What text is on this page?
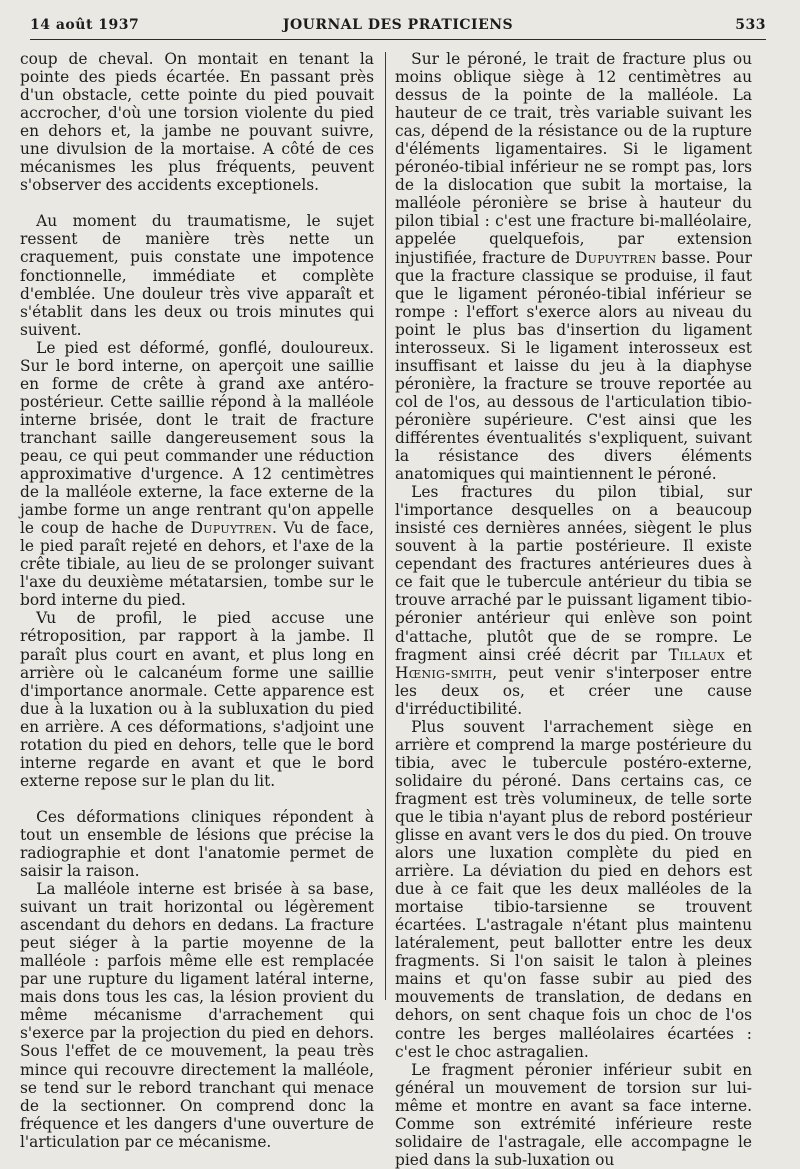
14 août 1937	JOURNAL DES PRATICIENS	533

coup de cheval. On montait en tenant la pointe des pieds écartée. En passant près d'un obstacle, cette pointe du pied pouvait accrocher, d'où une torsion violente du pied en dehors et, la jambe ne pouvant suivre, une divulsion de la mortaise. A côté de ces mécanismes les plus fréquents, peuvent s'observer des accidents exceptionels.

Au moment du traumatisme, le sujet ressent de manière très nette un craquement, puis constate une impotence fonctionnelle, immédiate et complète d'emblée. Une douleur très vive apparaît et s'établit dans les deux ou trois minutes qui suivent.

Le pied est déformé, gonflé, douloureux. Sur le bord interne, on aperçoit une saillie en forme de crête à grand axe antéro-postérieur. Cette saillie répond à la malléole interne brisée, dont le trait de fracture tranchant saille dangereusement sous la peau, ce qui peut commander une réduction approximative d'urgence. A 12 centimètres de la malléole externe, la face externe de la jambe forme un ange rentrant qu'on appelle le coup de hache de Dupuytren. Vu de face, le pied paraît rejeté en dehors, et l'axe de la crête tibiale, au lieu de se prolonger suivant l'axe du deuxième métatarsien, tombe sur le bord interne du pied.

Vu de profil, le pied accuse une rétroposition, par rapport à la jambe. Il paraît plus court en avant, et plus long en arrière où le calcanéum forme une saillie d'importance anormale. Cette apparence est due à la luxation ou à la subluxation du pied en arrière. A ces déformations, s'adjoint une rotation du pied en dehors, telle que le bord interne regarde en avant et que le bord externe repose sur le plan du lit.

Ces déformations cliniques répondent à tout un ensemble de lésions que précise la radiographie et dont l'anatomie permet de saisir la raison.

La malléole interne est brisée à sa base, suivant un trait horizontal ou légèrement ascendant du dehors en dedans. La fracture peut siéger à la partie moyenne de la malléole : parfois même elle est remplacée par une rupture du ligament latéral interne, mais dons tous les cas, la lésion provient du même mécanisme d'arrachement qui s'exerce par la projection du pied en dehors. Sous l'effet de ce mouvement, la peau très mince qui recouvre directement la malléole, se tend sur le rebord tranchant qui menace de la sectionner. On comprend donc la fréquence et les dangers d'une ouverture de l'articulation par ce mécanisme.

Sur le péroné, le trait de fracture plus ou moins oblique siège à 12 centimètres au dessus de la pointe de la malléole. La hauteur de ce trait, très variable suivant les cas, dépend de la résistance ou de la rupture d'éléments ligamentaires. Si le ligament péronéo-tibial inférieur ne se rompt pas, lors de la dislocation que subit la mortaise, la malléole péronière se brise à hauteur du pilon tibial : c'est une fracture bi-malléolaire, appelée quelquefois, par extension injustifiée, fracture de Dupuytren basse. Pour que la fracture classique se produise, il faut que le ligament péronéo-tibial inférieur se rompe : l'effort s'exerce alors au niveau du point le plus bas d'insertion du ligament interosseux. Si le ligament interosseux est insuffisant et laisse du jeu à la diaphyse péronière, la fracture se trouve reportée au col de l'os, au dessous de l'articulation tibio-péronière supérieure. C'est ainsi que les différentes éventualités s'expliquent, suivant la résistance des divers éléments anatomiques qui maintiennent le péroné.

Les fractures du pilon tibial, sur l'importance desquelles on a beaucoup insisté ces dernières années, siègent le plus souvent à la partie postérieure. Il existe cependant des fractures antérieures dues à ce fait que le tubercule antérieur du tibia se trouve arraché par le puissant ligament tibio-péronier antérieur qui enlève son point d'attache, plutôt que de se rompre. Le fragment ainsi créé décrit par Tillaux et Hœnig-smith, peut venir s'interposer entre les deux os, et créer une cause d'irréductibilité.

Plus souvent l'arrachement siège en arrière et comprend la marge postérieure du tibia, avec le tubercule postéro-externe, solidaire du péroné. Dans certains cas, ce fragment est très volumineux, de telle sorte que le tibia n'ayant plus de rebord postérieur glisse en avant vers le dos du pied. On trouve alors une luxation complète du pied en arrière. La déviation du pied en dehors est due à ce fait que les deux malléoles de la mortaise tibio-tarsienne se trouvent écartées. L'astragale n'étant plus maintenu latéralement, peut ballotter entre les deux fragments. Si l'on saisit le talon à pleines mains et qu'on fasse subir au pied des mouvements de translation, de dedans en dehors, on sent chaque fois un choc de l'os contre les berges malléolaires écartées : c'est le choc astragalien.

Le fragment péronier inférieur subit en général un mouvement de torsion sur lui-même et montre en avant sa face interne. Comme son extrémité inférieure reste solidaire de l'astragale, elle accompagne le pied dans la sub-luxation ou
